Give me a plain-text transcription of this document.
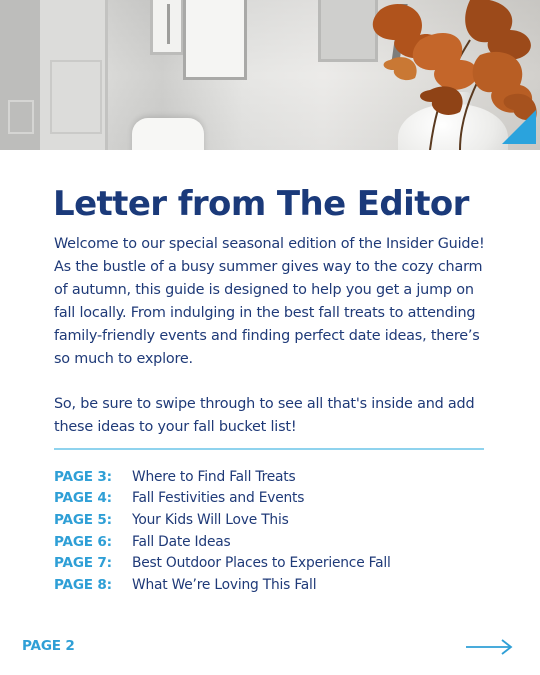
Letter from The Editor

Welcome to our special seasonal edition of the Insider Guide! As the bustle of a busy summer gives way to the cozy charm of autumn, this guide is designed to help you get a jump on fall locally. From indulging in the best fall treats to attending family-friendly events and finding perfect date ideas, there’s so much to explore.

So, be sure to swipe through to see all that's inside and add these ideas to your fall bucket list!

PAGE 3:	Where to Find Fall Treats
PAGE 4:	Fall Festivities and Events
PAGE 5:	Your Kids Will Love This
PAGE 6:	Fall Date Ideas
PAGE 7:	Best Outdoor Places to Experience Fall
PAGE 8:	What We’re Loving This Fall
PAGE 2
